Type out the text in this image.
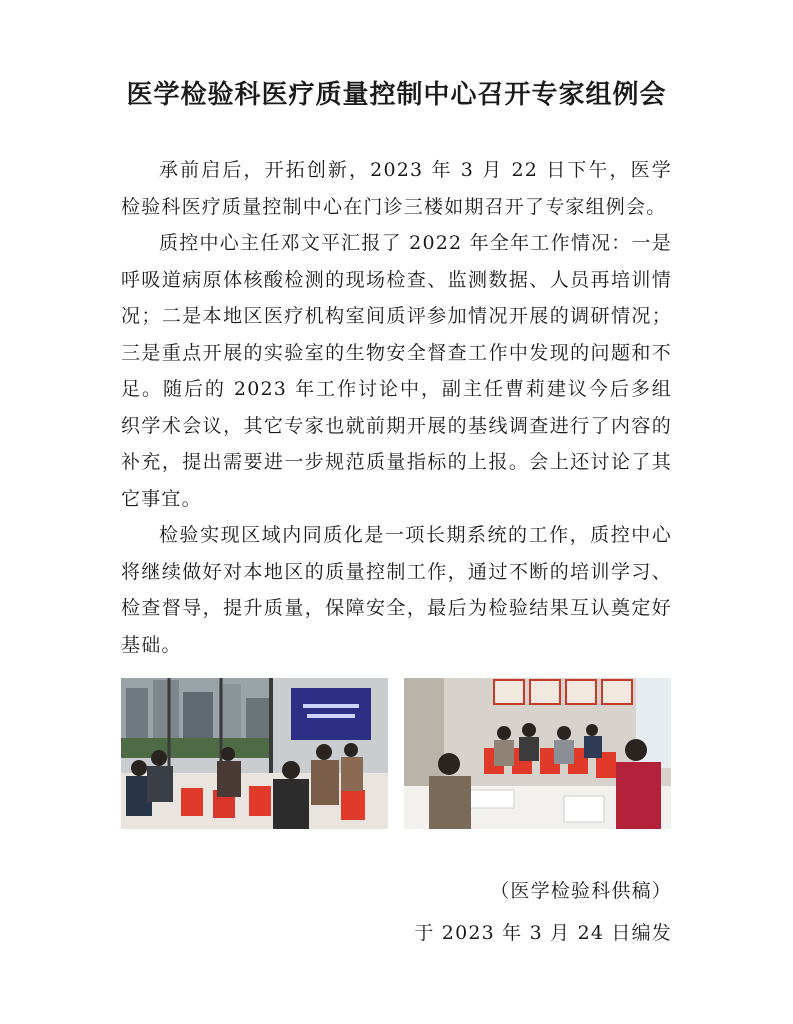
医学检验科医疗质量控制中心召开专家组例会

承前启后，开拓创新，2023 年 3 月 22 日下午，医学检验科医疗质量控制中心在门诊三楼如期召开了专家组例会。

质控中心主任邓文平汇报了 2022 年全年工作情况：一是呼吸道病原体核酸检测的现场检查、监测数据、人员再培训情况；二是本地区医疗机构室间质评参加情况开展的调研情况；三是重点开展的实验室的生物安全督查工作中发现的问题和不足。随后的 2023 年工作讨论中，副主任曹莉建议今后多组织学术会议，其它专家也就前期开展的基线调查进行了内容的补充，提出需要进一步规范质量指标的上报。会上还讨论了其它事宜。

检验实现区域内同质化是一项长期系统的工作，质控中心将继续做好对本地区的质量控制工作，通过不断的培训学习、检查督导，提升质量，保障安全，最后为检验结果互认奠定好基础。

（医学检验科供稿）
于 2023 年 3 月 24 日编发
